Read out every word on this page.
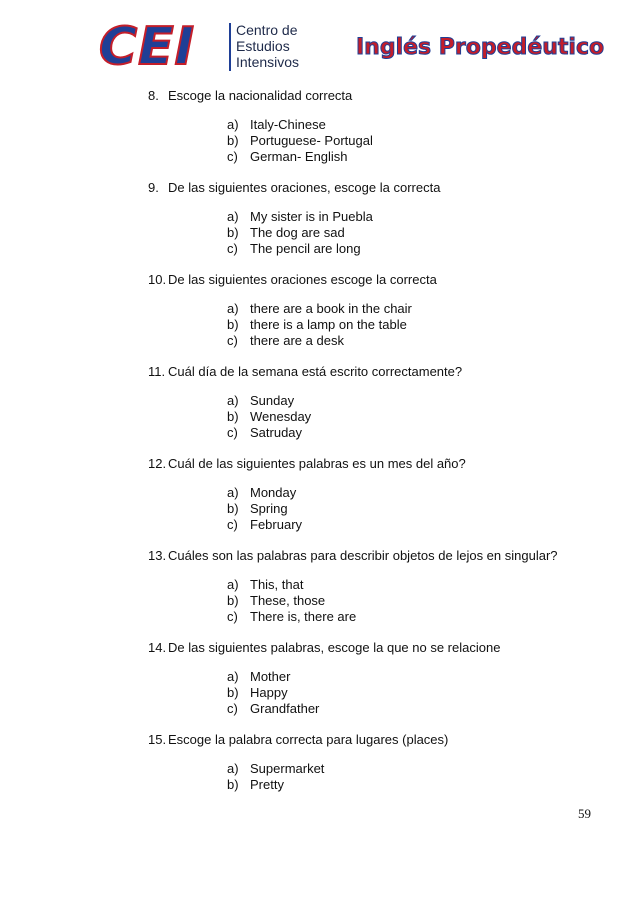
CEI	Centro de
Estudios
Intensivos
Inglés Propedéutico
8. Escoge la nacionalidad correcta
a) Italy-Chinese
b) Portuguese- Portugal
c) German- English
9. De las siguientes oraciones, escoge la correcta
a) My sister is in Puebla
b) The dog are sad
c) The pencil are long
10. De las siguientes oraciones escoge la correcta
a) there are a book in the chair
b) there is a lamp on the table
c) there are a desk
11. Cuál día de la semana está escrito correctamente?
a) Sunday
b) Wenesday
c) Satruday
12. Cuál de las siguientes palabras es un mes del año?
a) Monday
b) Spring
c) February
13. Cuáles son las palabras para describir objetos de lejos en singular?
a) This, that
b) These, those
c) There is, there are
14. De las siguientes palabras, escoge la que no se relacione
a) Mother
b) Happy
c) Grandfather
15. Escoge la palabra correcta para lugares (places)
a) Supermarket
b) Pretty
59
